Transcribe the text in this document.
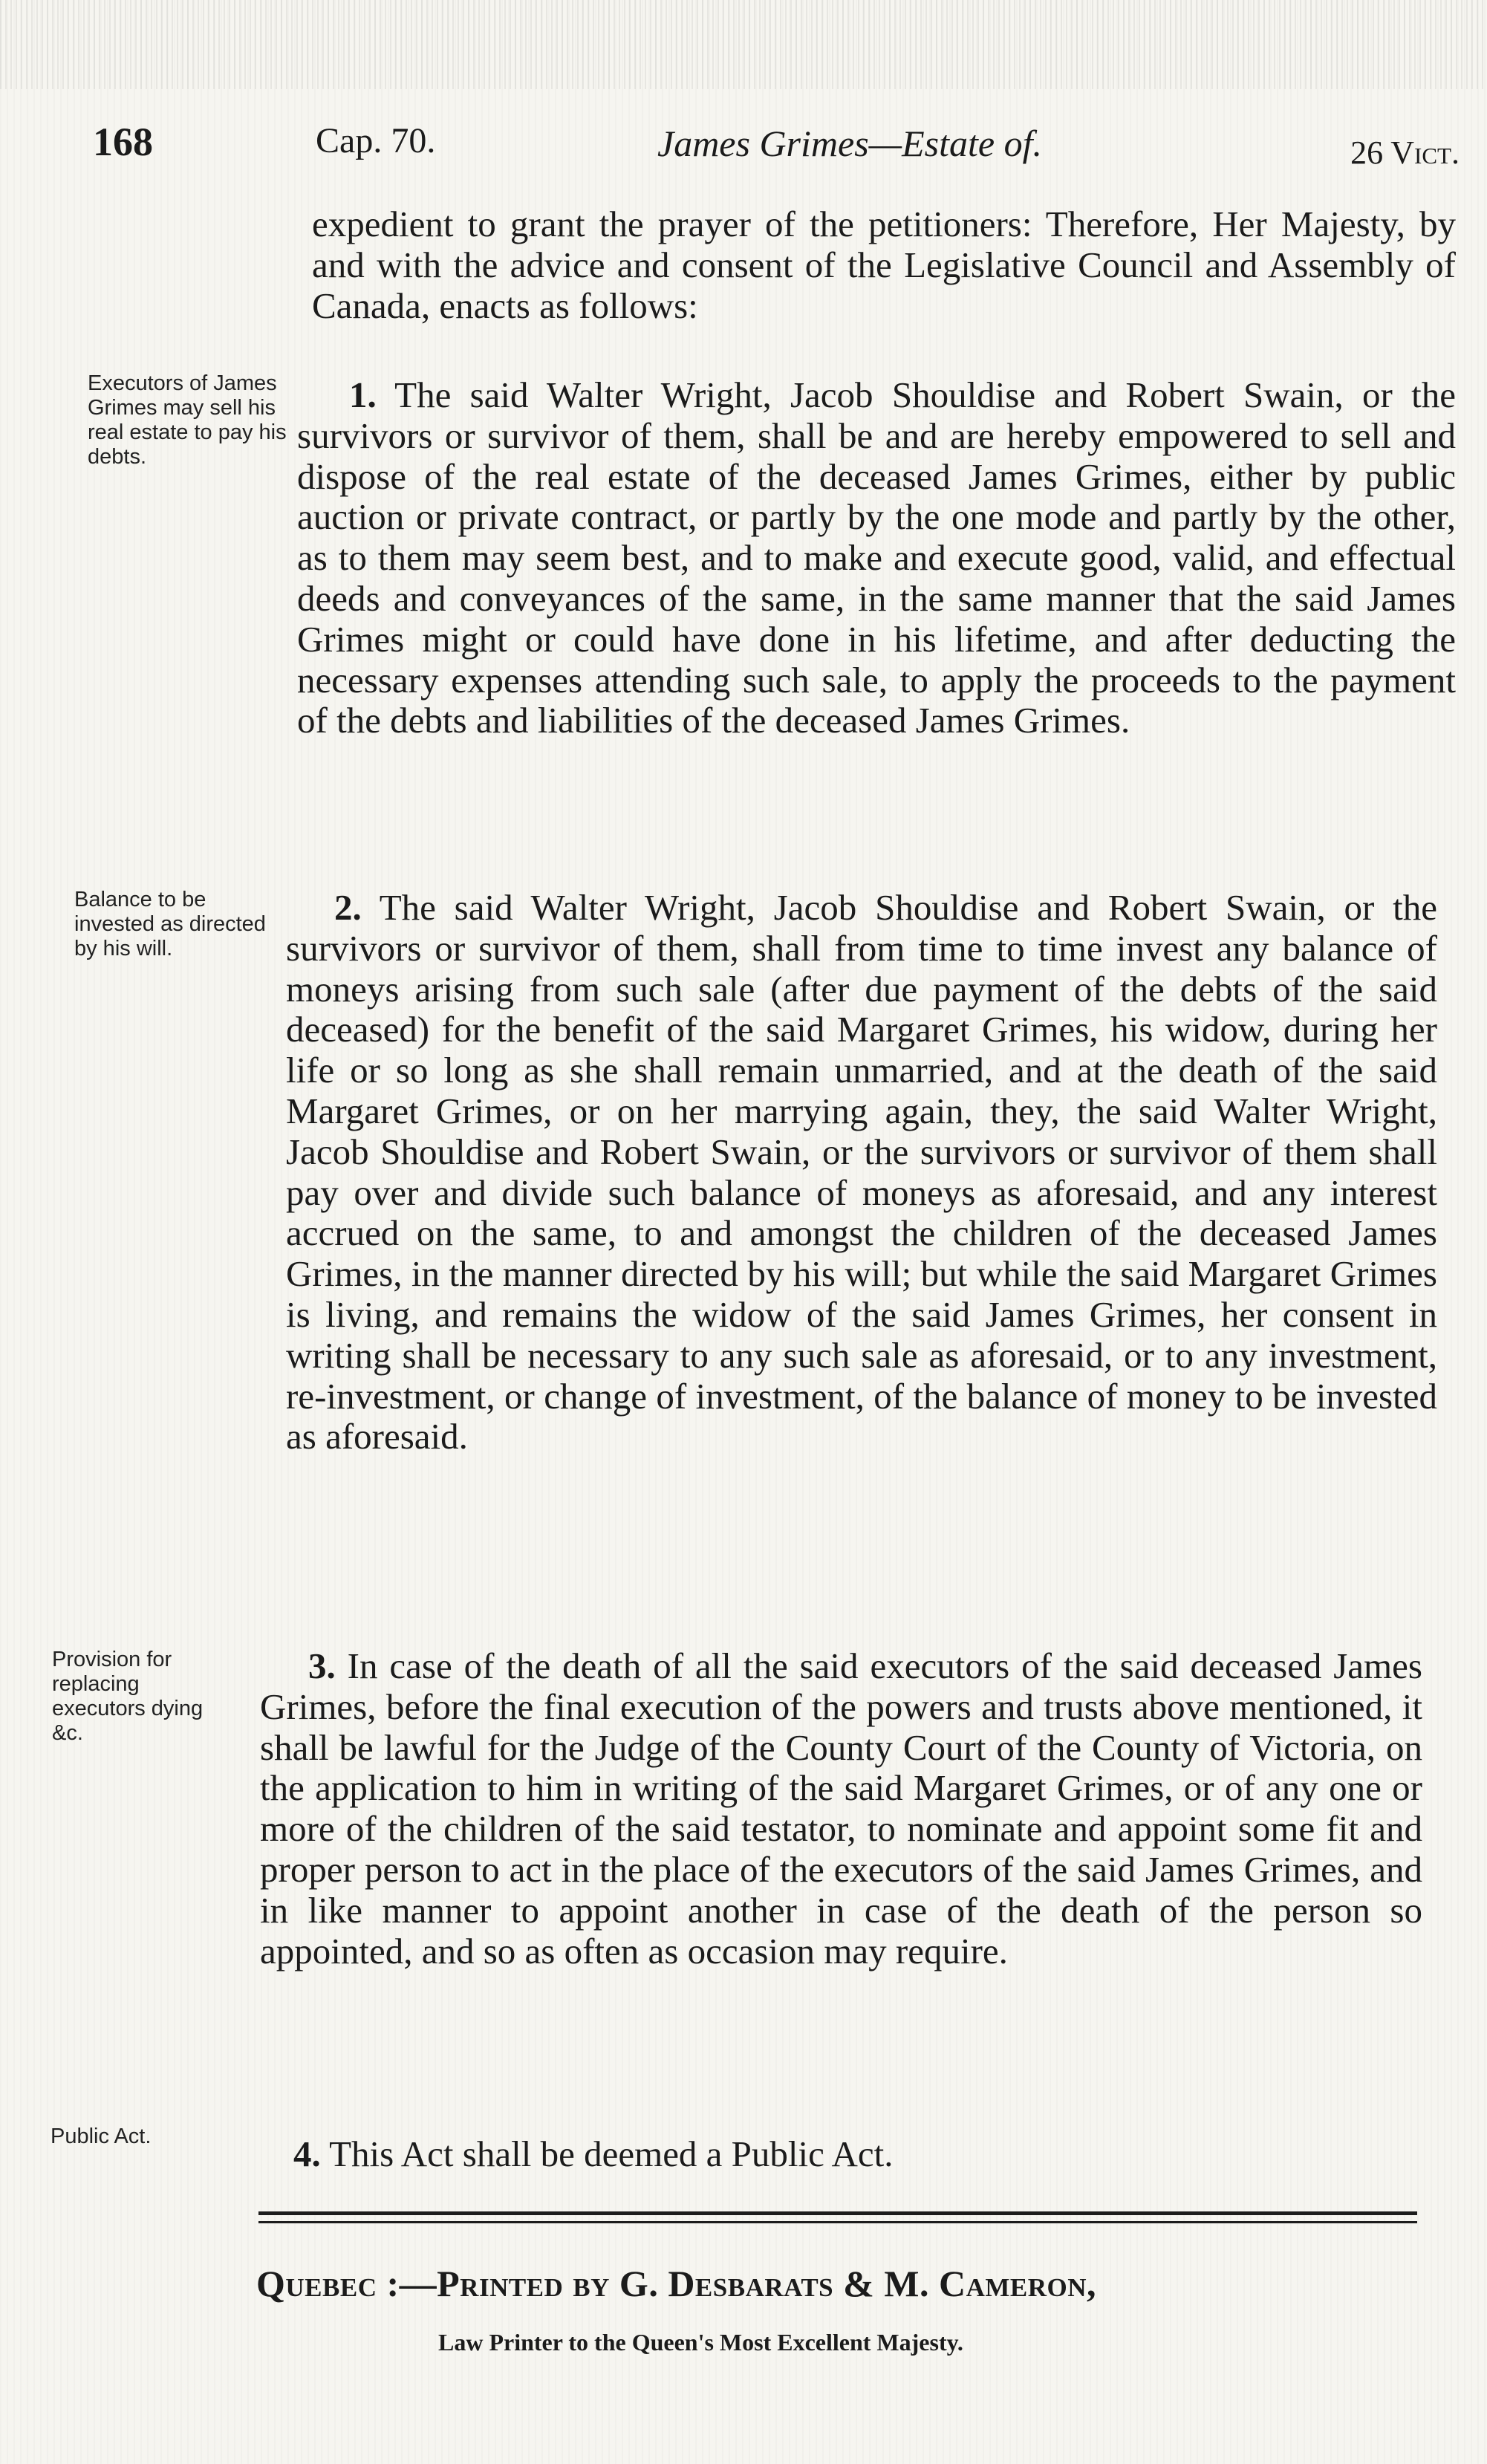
168	Cap. 70.	James Grimes—Estate of.	26 Vict.

expedient to grant the prayer of the petitioners: Therefore, Her Majesty, by and with the advice and consent of the Legislative Council and Assembly of Canada, enacts as follows:

Executors of James Grimes may sell his real estate to pay his debts.

1. The said Walter Wright, Jacob Shouldise and Robert Swain, or the survivors or survivor of them, shall be and are hereby empowered to sell and dispose of the real estate of the deceased James Grimes, either by public auction or private contract, or partly by the one mode and partly by the other, as to them may seem best, and to make and execute good, valid, and effectual deeds and conveyances of the same, in the same manner that the said James Grimes might or could have done in his lifetime, and after deducting the necessary expenses attending such sale, to apply the proceeds to the payment of the debts and liabilities of the deceased James Grimes.

Balance to be invested as directed by his will.

2. The said Walter Wright, Jacob Shouldise and Robert Swain, or the survivors or survivor of them, shall from time to time invest any balance of moneys arising from such sale (after due payment of the debts of the said deceased) for the benefit of the said Margaret Grimes, his widow, during her life or so long as she shall remain unmarried, and at the death of the said Margaret Grimes, or on her marrying again, they, the said Walter Wright, Jacob Shouldise and Robert Swain, or the survivors or survivor of them shall pay over and divide such balance of moneys as aforesaid, and any interest accrued on the same, to and amongst the children of the deceased James Grimes, in the manner directed by his will; but while the said Margaret Grimes is living, and remains the widow of the said James Grimes, her consent in writing shall be necessary to any such sale as aforesaid, or to any investment, re-investment, or change of investment, of the balance of money to be invested as aforesaid.

Provision for replacing executors dying &c.

3. In case of the death of all the said executors of the said deceased James Grimes, before the final execution of the powers and trusts above mentioned, it shall be lawful for the Judge of the County Court of the County of Victoria, on the application to him in writing of the said Margaret Grimes, or of any one or more of the children of the said testator, to nominate and appoint some fit and proper person to act in the place of the executors of the said James Grimes, and in like manner to appoint another in case of the death of the person so appointed, and so as often as occasion may require.

Public Act.	4. This Act shall be deemed a Public Act.

Quebec :—Printed by G. Desbarats & M. Cameron,
Law Printer to the Queen's Most Excellent Majesty.
